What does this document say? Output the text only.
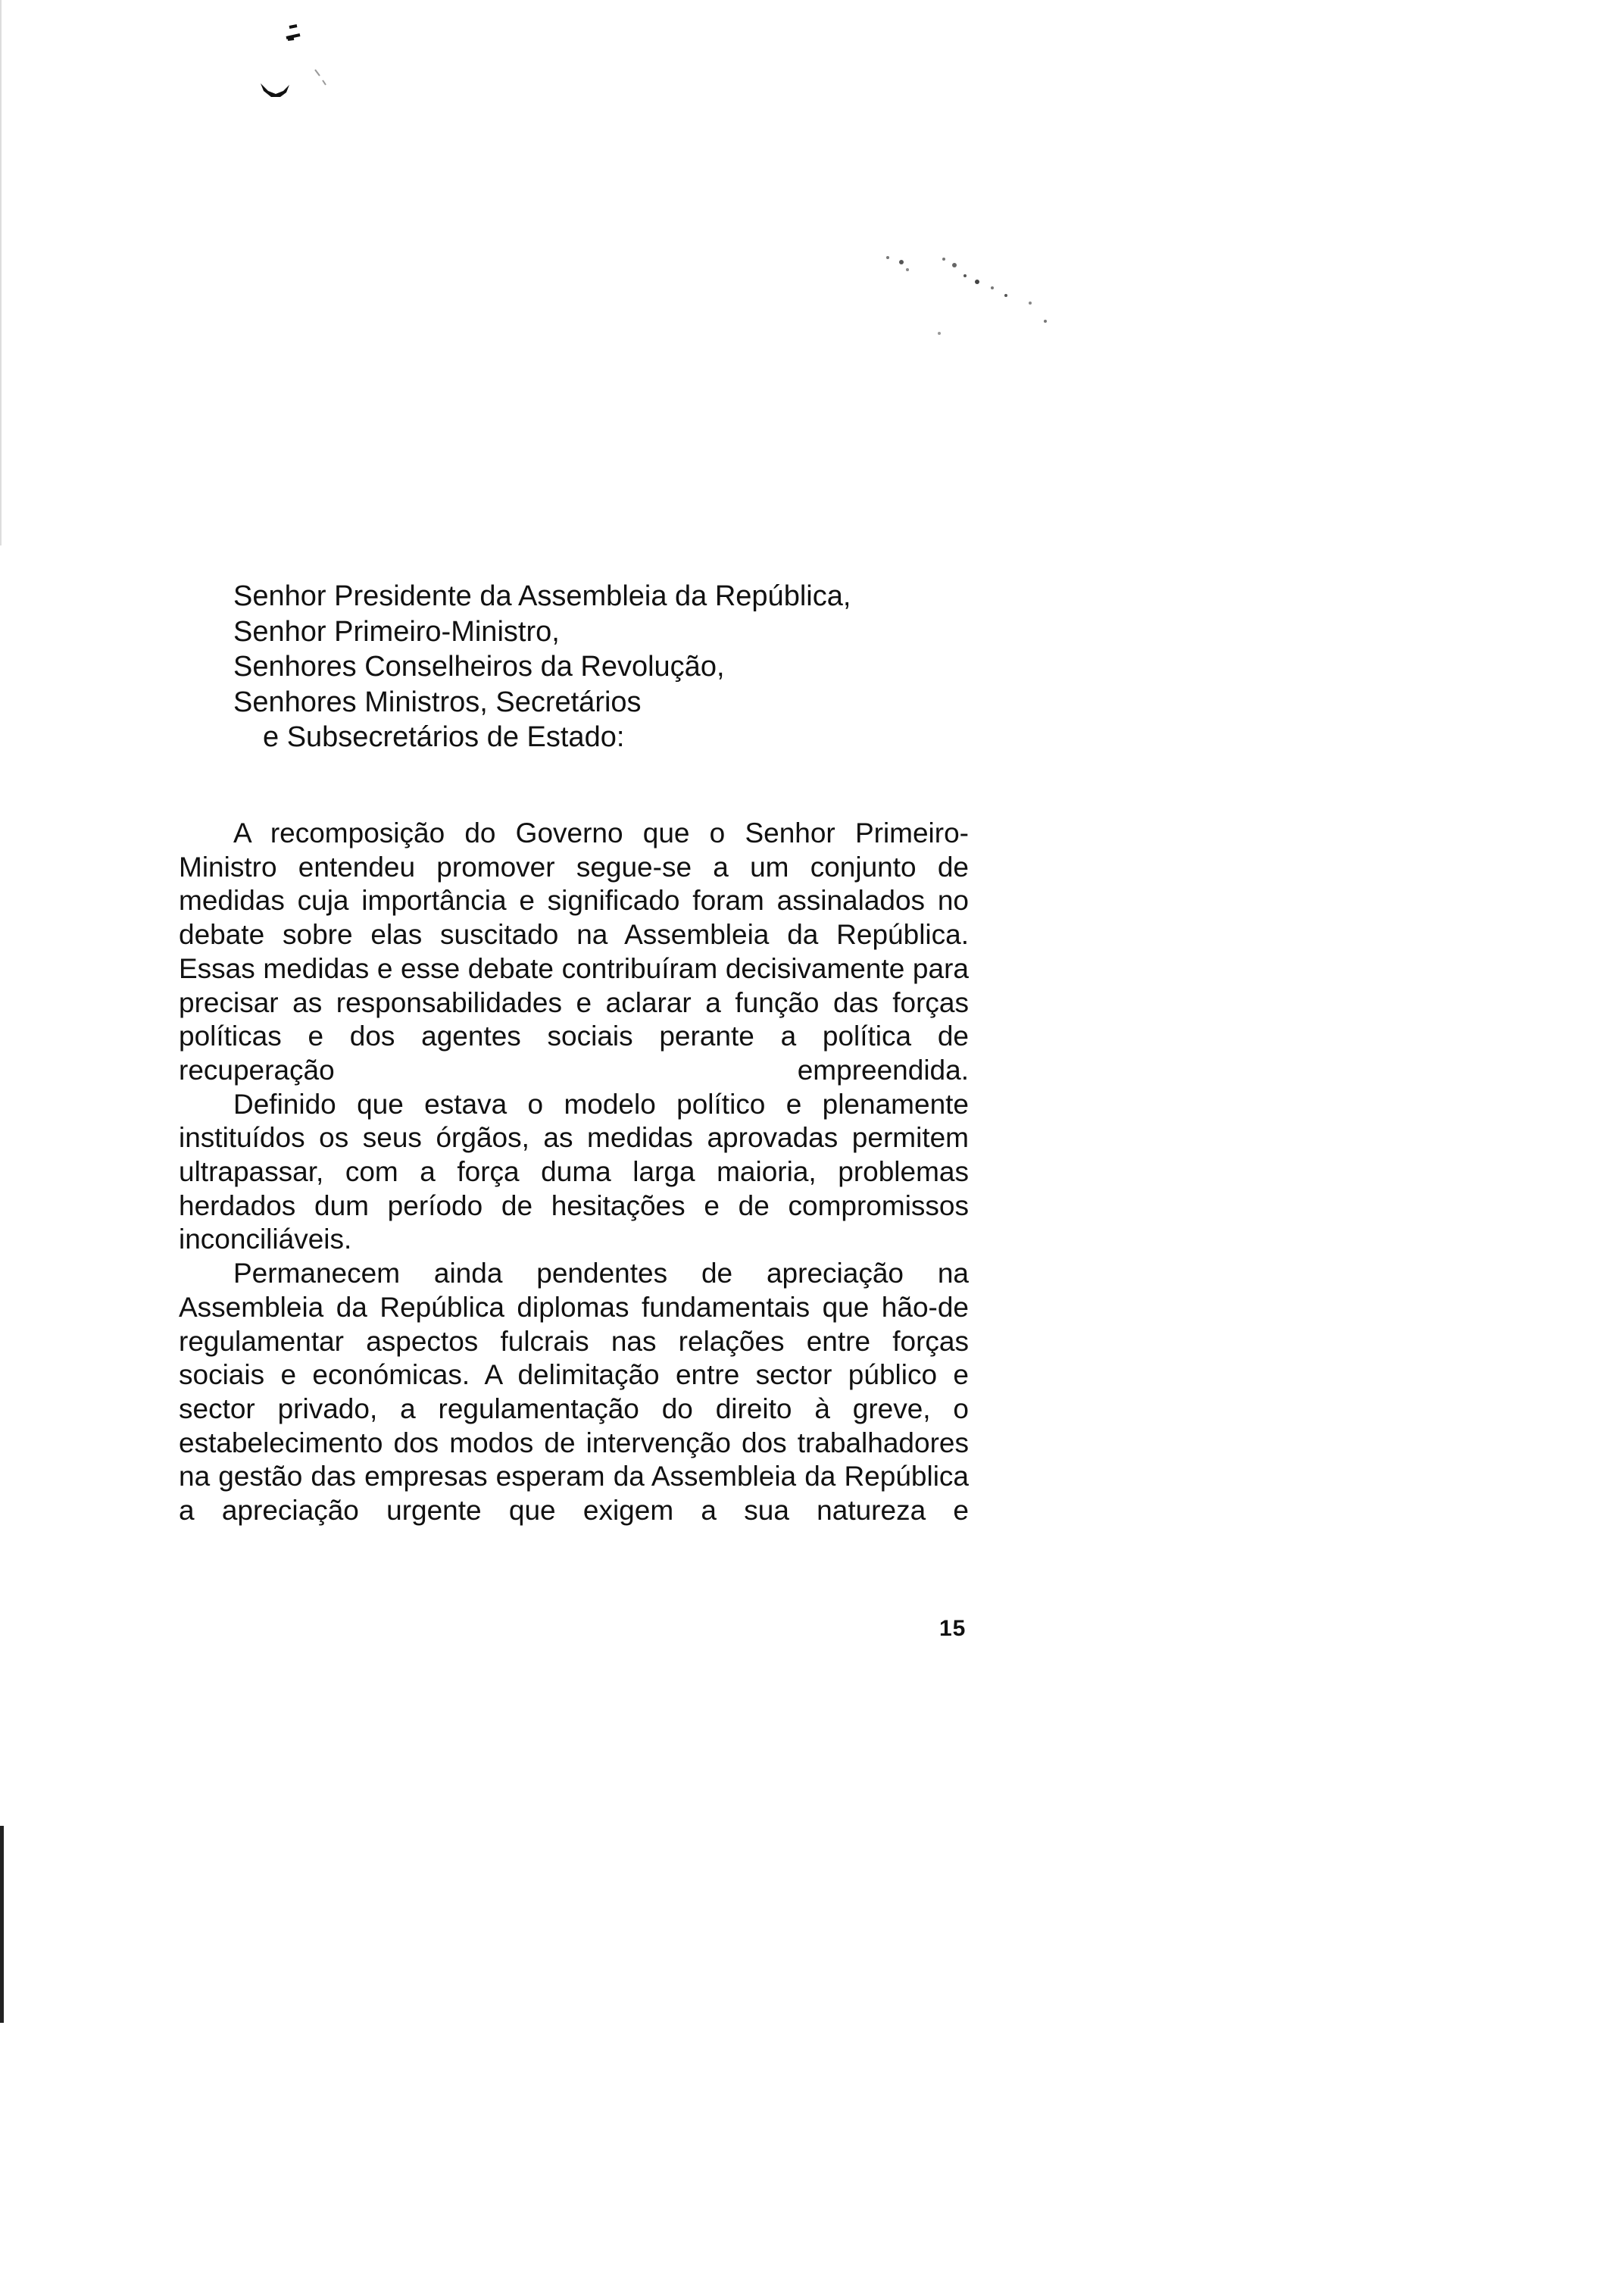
Senhor Presidente da Assembleia da República,
Senhor Primeiro-Ministro,
Senhores Conselheiros da Revolução,
Senhores Ministros, Secretários
e Subsecretários de Estado:

A recomposição do Governo que o Senhor Primeiro-Ministro entendeu promover segue-se a um conjunto de medidas cuja importância e significado foram assinalados no debate sobre elas suscitado na Assembleia da República. Essas medidas e esse debate contribuíram decisivamente para precisar as responsabilidades e aclarar a função das forças políticas e dos agentes sociais perante a política de recuperação empreendida.

Definido que estava o modelo político e plenamente instituídos os seus órgãos, as medidas aprovadas permitem ultrapassar, com a força duma larga maioria, problemas herdados dum período de hesitações e de compromissos inconciliáveis.

Permanecem ainda pendentes de apreciação na Assembleia da República diplomas fundamentais que hão-de regulamentar aspectos fulcrais nas relações entre forças sociais e económicas. A delimitação entre sector público e sector privado, a regulamentação do direito à greve, o estabelecimento dos modos de intervenção dos trabalhadores na gestão das empresas esperam da Assembleia da República a apreciação urgente que exigem a sua natureza e

15
